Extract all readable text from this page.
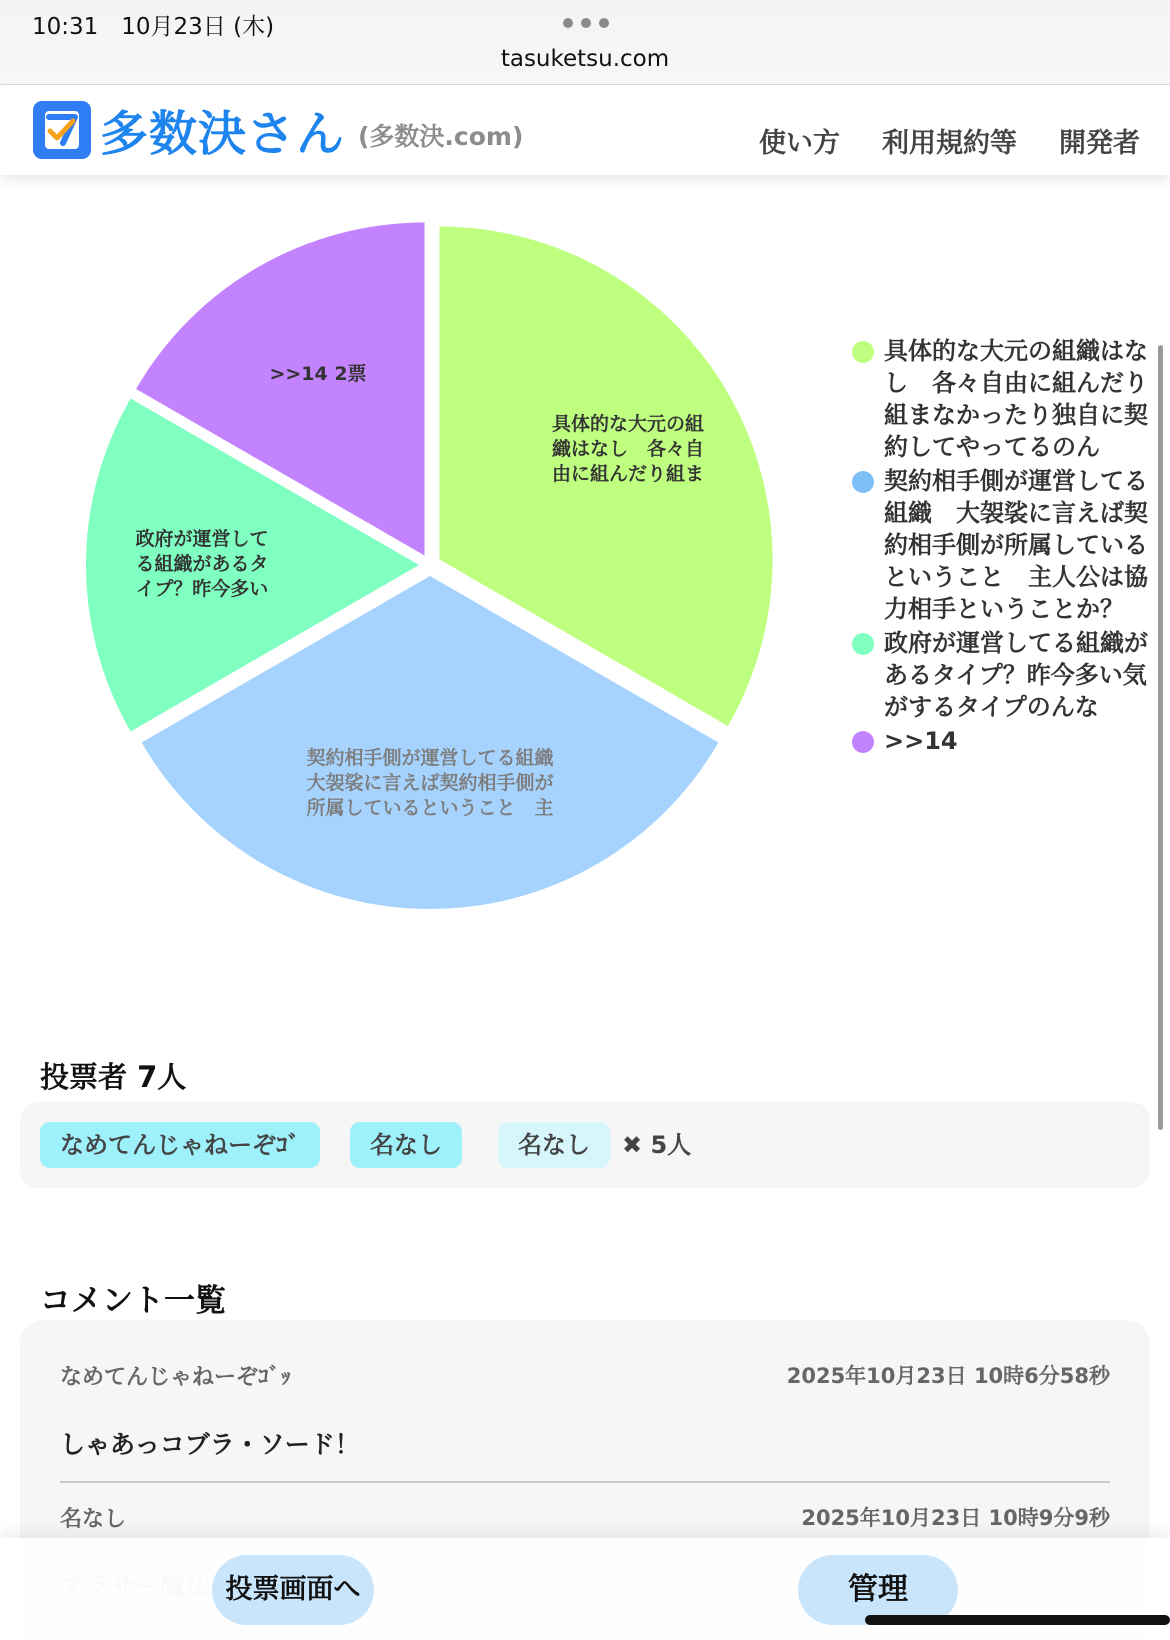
10:31　10月23日 (木)
tasuketsu.com
多数決さん (多数決.com)	使い方 利用規約等 開発者
具体的な大元の組織はなし　各々自由に組んだり組ま
契約相手側が運営してる組織大袈裟に言えば契約相手側が所属しているということ　主
政府が運営してる組織があるタイプ？昨今多い
>>14 2票
具体的な大元の組織はなし　各々自由に組んだり組まなかったり独自に契約してやってるのん
契約相手側が運営してる組織　大袈裟に言えば契約相手側が所属しているということ　主人公は協力相手ということか？
政府が運営してる組織があるタイプ？昨今多い気がするタイプのんな
>>14
投票者 7人
なめてんじゃねーぞｺﾞ	名なし	名なし	✖ 5人
コメント一覧
なめてんじゃねーぞｺﾞｯ	2025年10月23日 10時6分58秒
しゃあっコブラ・ソード！
名なし	2025年10月23日 10時9分9秒
投票画面へ	管理
